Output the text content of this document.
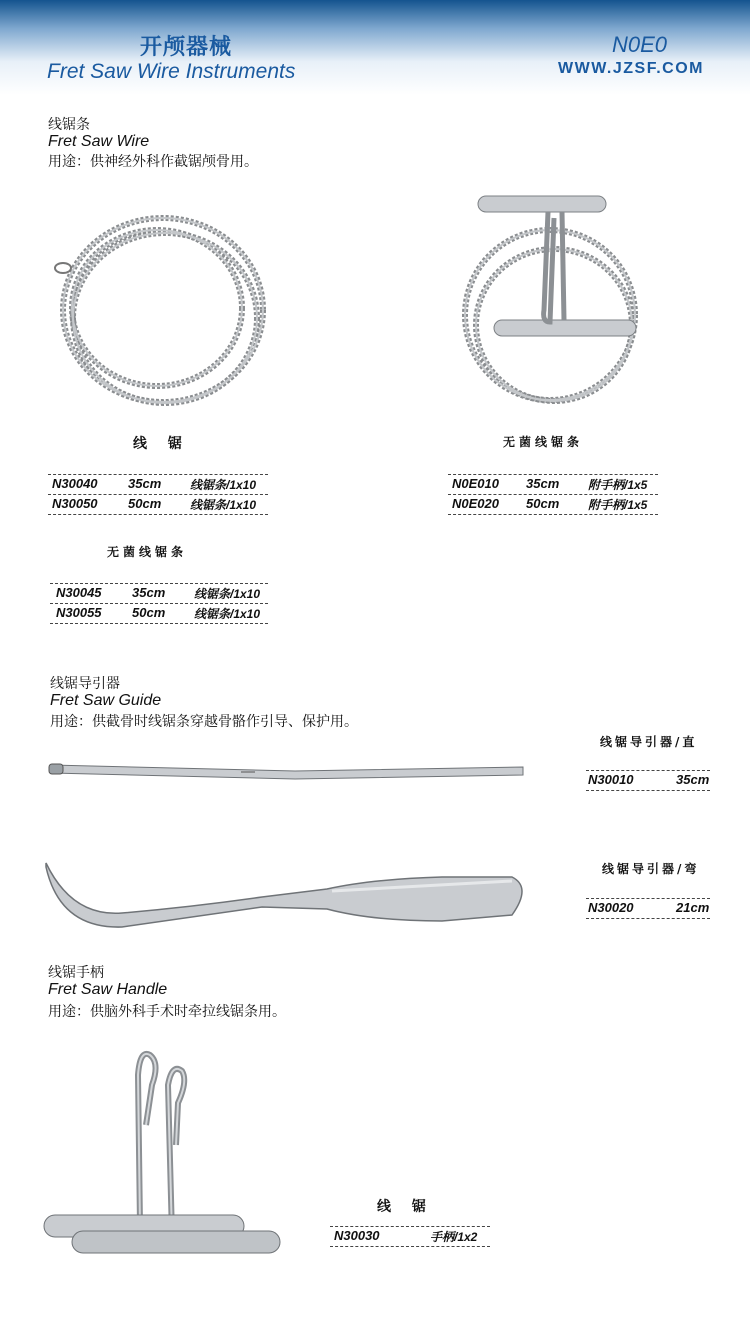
开颅器械
Fret Saw Wire Instruments
N0E0
WWW.JZSF.COM
线锯条
Fret Saw Wire
用途：供神经外科作截锯颅骨用。
线 锯
N30040 35cm 线锯条/1x10
N30050 50cm 线锯条/1x10
无菌线锯条
N0E010 35cm 附手柄/1x5
N0E020 50cm 附手柄/1x5
无菌线锯条
N30045 35cm 线锯条/1x10
N30055 50cm 线锯条/1x10
线锯导引器
Fret Saw Guide
用途：供截骨时线锯条穿越骨骼作引导、保护用。
线锯导引器/直
N30010	35cm
线锯导引器/弯
N30020	21cm
线锯手柄
Fret Saw Handle
用途：供脑外科手术时牵拉线锯条用。
线 锯
N30030	手柄/1x2
